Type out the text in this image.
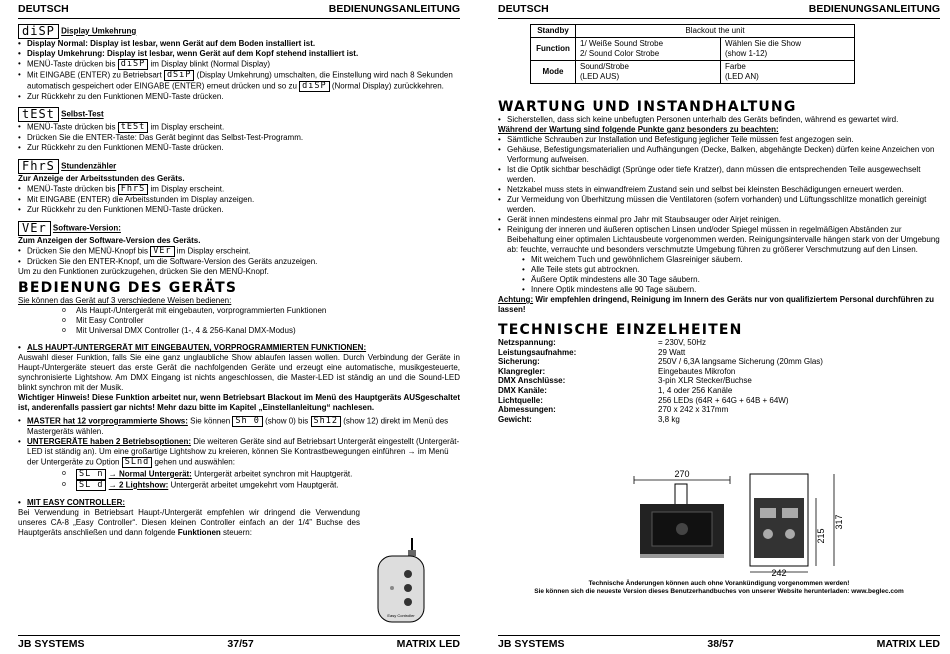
DEUTSCH	BEDIENUNGSANLEITUNG
diSP Display Umkehrung
• Display Normal: Display ist lesbar, wenn Gerät auf dem Boden installiert ist.
• Display Umkehrung: Display ist lesbar, wenn Gerät auf dem Kopf stehend installiert ist.
• MENÜ-Taste drücken bis diSP im Display blinkt (Normal Display)
• Mit EINGABE (ENTER) zu Betriebsart dSiP (Display Umkehrung) umschalten, die Einstellung wird nach 8 Sekunden automatisch gespeichert oder EINGABE (ENTER) erneut drücken und so zu diSP (Normal Display) zurückkehren.
• Zur Rückkehr zu den Funktionen MENÜ-Taste drücken.
tESt Selbst-Test
• MENÜ-Taste drücken bis tESt im Display erscheint.
• Drücken Sie die ENTER-Taste: Das Gerät beginnt das Selbst-Test-Programm.
• Zur Rückkehr zu den Funktionen MENÜ-Taste drücken.
FhrS Stundenzähler
Zur Anzeige der Arbeitsstunden des Geräts.
• MENÜ-Taste drücken bis FhrS im Display erscheint.
• Mit EINGABE (ENTER) die Arbeitsstunden im Display anzeigen.
• Zur Rückkehr zu den Funktionen MENÜ-Taste drücken.
VEr Software-Version:
Zum Anzeigen der Software-Version des Geräts.
• Drücken Sie den MENÜ-Knopf bis VEr im Display erscheint.
• Drücken Sie den ENTER-Knopf, um die Software-Version des Geräts anzuzeigen.
Um zu den Funktionen zurückzugehen, drücken Sie den MENÜ-Knopf.
BEDIENUNG DES GERÄTS
Sie können das Gerät auf 3 verschiedene Weisen bedienen:
o Als Haupt-/Untergerät mit eingebauten, vorprogrammierten Funktionen
o Mit Easy Controller
o Mit Universal DMX Controller (1-, 4 & 256-Kanal DMX-Modus)
• ALS HAUPT-/UNTERGERÄT MIT EINGEBAUTEN, VORPROGRAMMIERTEN FUNKTIONEN:
Auswahl dieser Funktion, falls Sie eine ganz unglaubliche Show ablaufen lassen wollen. Durch Verbindung der Geräte in Haupt-/Untergeräte steuert das erste Gerät die nachfolgenden Geräte und erzeugt eine automatische, musikgesteuerte, synchronisierte Lightshow. Am DMX Eingang ist nichts angeschlossen, die Master-LED ist ständig an und die Sound-LED blinkt synchron mit der Musik.
Wichtiger Hinweis! Diese Funktion arbeitet nur, wenn Betriebsart Blackout im Menü des Hauptgeräts AUSgeschaltet ist, anderenfalls passiert gar nichts! Mehr dazu bitte im Kapitel „Einstellanleitung“ nachlesen.
• MASTER hat 12 vorprogrammierte Shows: Sie können Sh 0 (show 0) bis Sh12 (show 12) direkt im Menü des Mastergeräts wählen.
• UNTERGERÄTE haben 2 Betriebsoptionen: Die weiteren Geräte sind auf Betriebsart Untergerät eingestellt (Untergerät-LED ist ständig an). Um eine großartige Lightshow zu kreieren, können Sie Kontrastbewegungen einführen → im Menü der Untergeräte zu Option SLnd gehen und auswählen:
o SL n → Normal Untergerät: Untergerät arbeitet synchron mit Hauptgerät.
o SL d → 2 Lightshow: Untergerät arbeitet umgekehrt vom Hauptgerät.
• MIT EASY CONTROLLER:
Bei Verwendung in Betriebsart Haupt-/Untergerät empfehlen wir dringend die Verwendung unseres CA-8 „Easy Controller“. Diesen kleinen Controller einfach an der 1/4” Buchse des Hauptgeräts anschließen und dann folgende Funktionen steuern:
Easy Controller
JB SYSTEMS	37/57	MATRIX LED
DEUTSCH	BEDIENUNGSANLEITUNG
Standby	Blackout the unit	
Function	1/ Weiße Sound Strobe
2/ Sound Color Strobe	Wählen Sie die Show
(show 1-12)
Mode	Sound/Strobe
(LED AUS)	Farbe
(LED AN)
WARTUNG UND INSTANDHALTUNG
• Sicherstellen, dass sich keine unbefugten Personen unterhalb des Geräts befinden, während es gewartet wird.
Während der Wartung sind folgende Punkte ganz besonders zu beachten:
• Sämtliche Schrauben zur Installation und Befestigung jeglicher Teile müssen fest angezogen sein.
• Gehäuse, Befestigungsmaterialien und Aufhängungen (Decke, Balken, abgehängte Decken) dürfen keine Anzeichen von Verformung aufweisen.
• Ist die Optik sichtbar beschädigt (Sprünge oder tiefe Kratzer), dann müssen die entsprechenden Teile ausgewechselt werden.
• Netzkabel muss stets in einwandfreiem Zustand sein und selbst bei kleinsten Beschädigungen erneuert werden.
• Zur Vermeidung von Überhitzung müssen die Ventilatoren (sofern vorhanden) und Lüftungsschlitze monatlich gereinigt werden.
• Gerät innen mindestens einmal pro Jahr mit Staubsauger oder Airjet reinigen.
• Reinigung der inneren und äußeren optischen Linsen und/oder Spiegel müssen in regelmäßigen Abständen zur Beibehaltung einer optimalen Lichtausbeute vorgenommen werden. Reinigungsintervalle hängen stark von der Umgebung ab: feuchte, verrauchte und besonders verschmutzte Umgebung führen zu größerer Verschmutzung auf den Linsen.
• Mit weichem Tuch und gewöhnlichem Glasreiniger säubern.
• Alle Teile stets gut abtrocknen.
• Äußere Optik mindestens alle 30 Tage säubern.
• Innere Optik mindestens alle 90 Tage säubern.
Achtung: Wir empfehlen dringend, Reinigung im Innern des Geräts nur von qualifiziertem Personal durchführen zu lassen!
TECHNISCHE EINZELHEITEN
Netzspannung:	= 230V, 50Hz
Leistungsaufnahme:	29 Watt
Sicherung:	250V / 6,3A langsame Sicherung (20mm Glas)
Klangregler:	Eingebautes Mikrofon
DMX Anschlüsse:	3-pin XLR Stecker/Buchse
DMX Kanäle:	1, 4 oder 256 Kanäle
Lichtquelle:	256 LEDs (64R + 64G + 64B + 64W)
Abmessungen:	270 x 242 x 317mm
Gewicht:	3,8 kg
Technische Änderungen können auch ohne Vorankündigung vorgenommen werden!
Sie können sich die neueste Version dieses Benutzerhandbuches von unserer Website herunterladen: www.beglec.com
JB SYSTEMS	38/57	MATRIX LED
270
242
215
317
